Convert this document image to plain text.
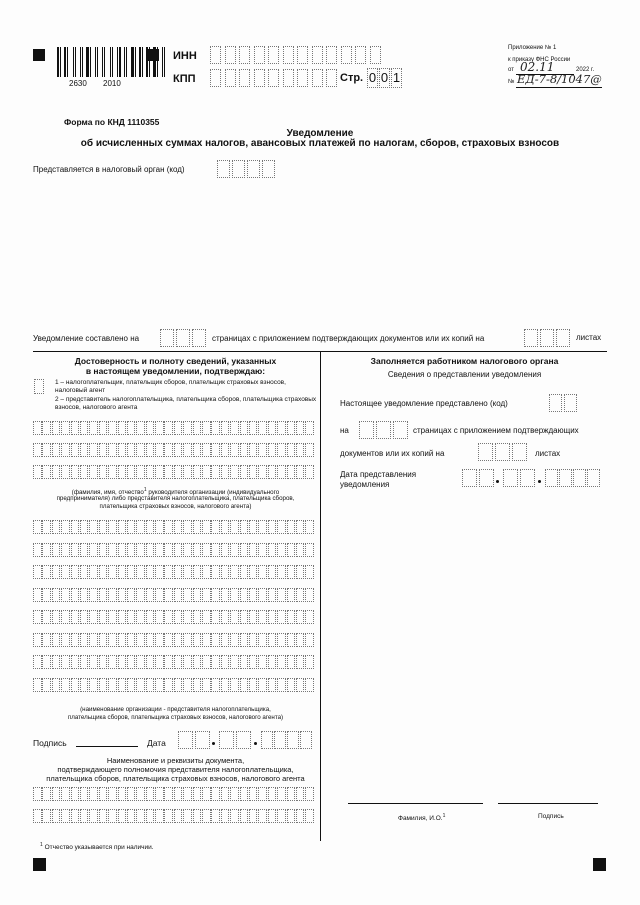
2630 2010
ИНН
КПП	Стр. 0 0 1
Приложение № 1
к приказу ФНС России
от 02.11	2022 г.
№ ЕД-7-8/1047@
Форма по КНД 1110355
Уведомление
об исчисленных суммах налогов, авансовых платежей по налогам, сборов, страховых взносов
Представляется в налоговый орган (код)
Уведомление составлено на	страницах с приложением подтверждающих документов или их копий на	листах
Достоверность и полноту сведений, указанных
в настоящем уведомлении, подтверждаю:
1 – налогоплательщик, плательщик сборов, плательщик страховых взносов, налоговый агент
2 – представитель налогоплательщика, плательщика сборов, плательщика страховых взносов, налогового агента
(фамилия, имя, отчество$^1$ руководителя организации (индивидуального
предпринимателя) либо представителя налогоплательщика, плательщика сборов,
плательщика страховых взносов, налогового агента)
(наименование организации - представителя налогоплательщика,
плательщика сборов, плательщика страховых взносов, налогового агента)
Подпись	Дата
Наименование и реквизиты документа,
подтверждающего полномочия представителя налогоплательщика,
плательщика сборов, плательщика страховых взносов, налогового агента
Заполняется работником налогового органа
Сведения о представлении уведомления
Настоящее уведомление представлено (код)
на	страницах с приложением подтверждающих
документов или их копий на	листах
Дата представления
уведомления
Фамилия, И.О.$^1$	Подпись
$^1$ Отчество указывается при наличии.
